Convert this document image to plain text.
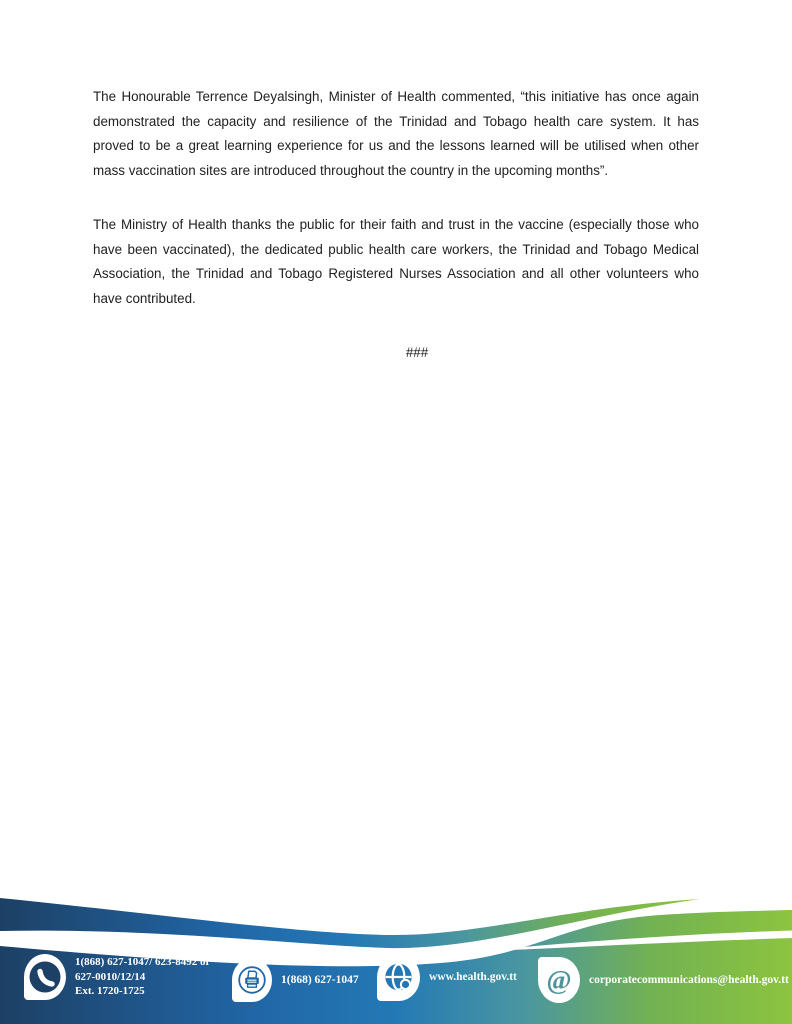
The Honourable Terrence Deyalsingh, Minister of Health commented, “this initiative has once again demonstrated the capacity and resilience of the Trinidad and Tobago health care system. It has proved to be a great learning experience for us and the lessons learned will be utilised when other mass vaccination sites are introduced throughout the country in the upcoming months”.

The Ministry of Health thanks the public for their faith and trust in the vaccine (especially those who have been vaccinated), the dedicated public health care workers, the Trinidad and Tobago Medical Association, the Trinidad and Tobago Registered Nurses Association and all other volunteers who have contributed.

###
1(868) 627-1047/ 623-8492 or
627-0010/12/14
Ext. 1720-1725
1(868) 627-1047	www.health.gov.tt @ corporatecommunications@health.gov.tt
